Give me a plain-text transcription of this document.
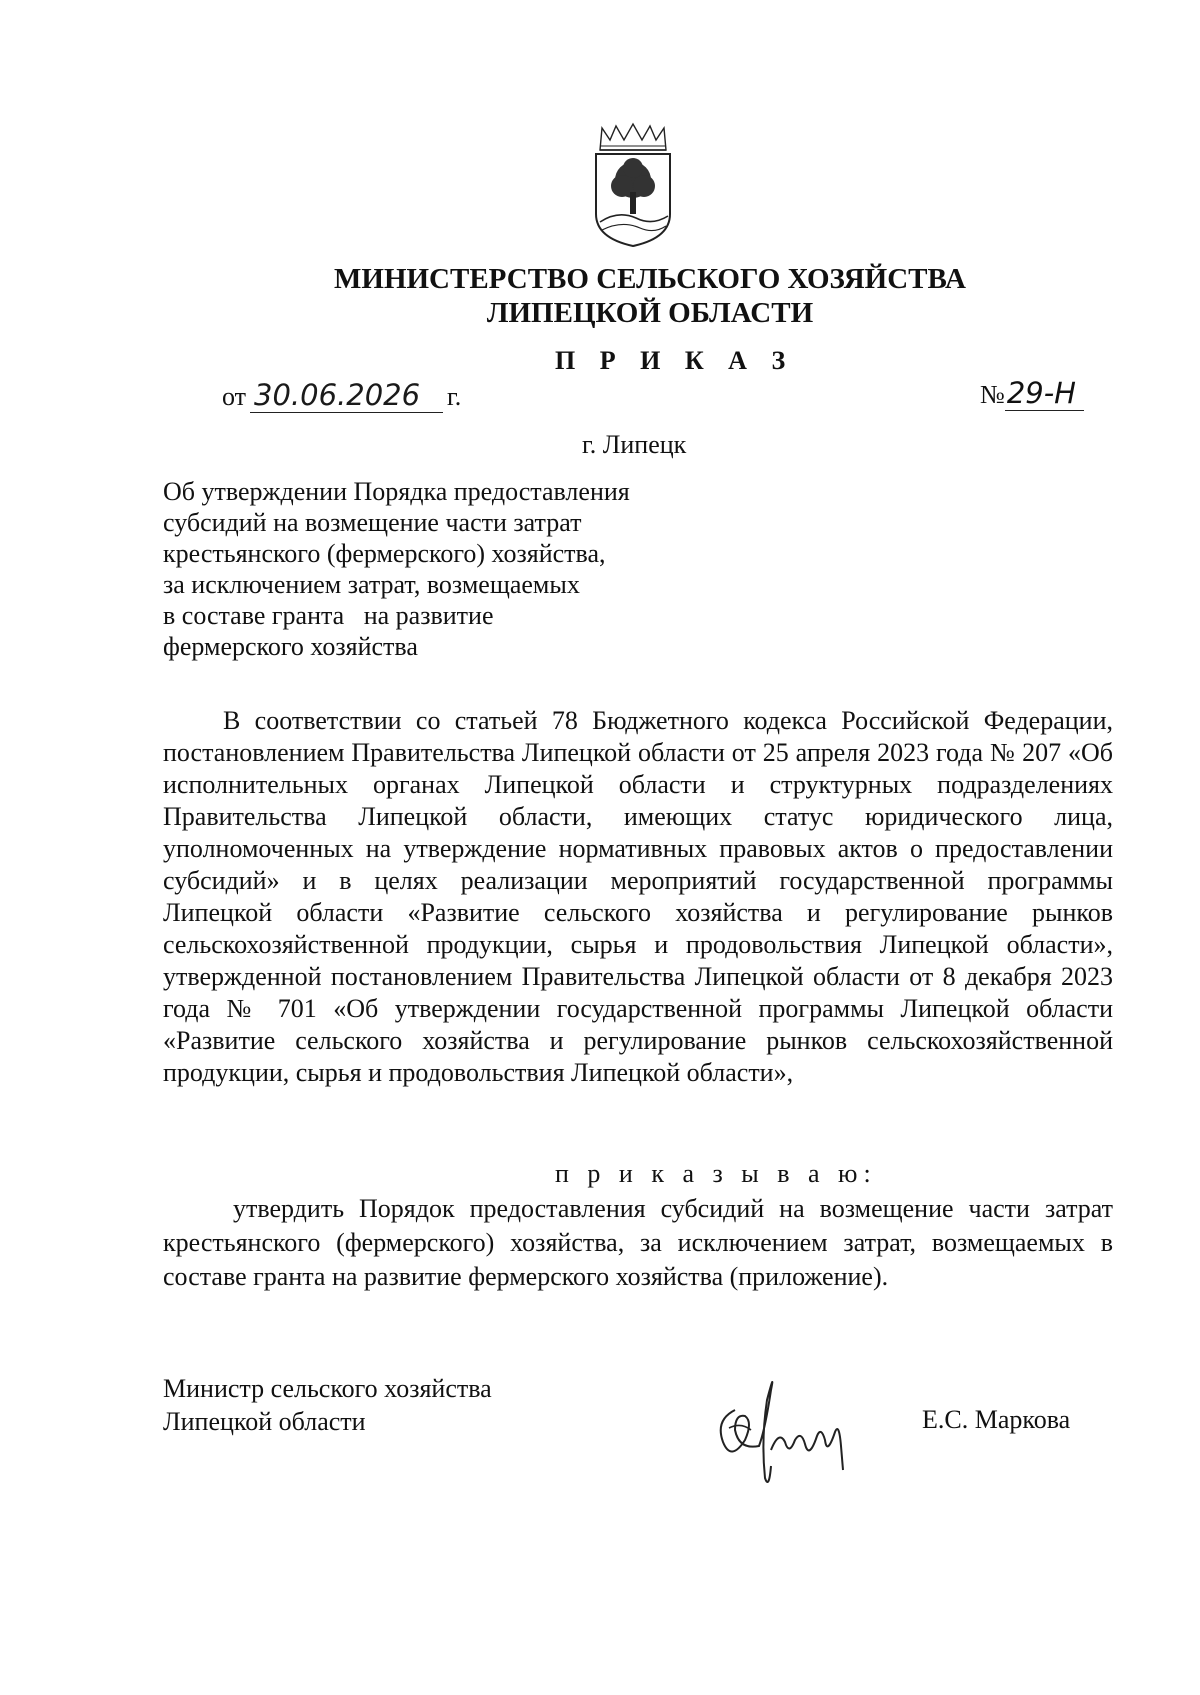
МИНИСТЕРСТВО СЕЛЬСКОГО ХОЗЯЙСТВА
ЛИПЕЦКОЙ ОБЛАСТИ
П Р И К А З
от 30.06.2026 г.	№29-Н
г. Липецк
Об утверждении Порядка предоставления
субсидий на возмещение части затрат
крестьянского (фермерского) хозяйства,
за исключением затрат, возмещаемых
в составе гранта   на развитие
фермерского хозяйства

В соответствии со статьей 78 Бюджетного кодекса Российской Федерации, постановлением Правительства Липецкой области от 25 апреля 2023 года № 207 «Об исполнительных органах Липецкой области и структурных подразделениях Правительства Липецкой области, имеющих статус юридического лица, уполномоченных на утверждение нормативных правовых актов о предоставлении субсидий» и в целях реализации мероприятий государственной программы Липецкой области «Развитие сельского хозяйства и регулирование рынков сельскохозяйственной продукции, сырья и продовольствия Липецкой области», утвержденной постановлением Правительства Липецкой области от 8 декабря 2023 года № 701 «Об утверждении государственной программы Липецкой области «Развитие сельского хозяйства и регулирование рынков сельскохозяйственной продукции, сырья и продовольствия Липецкой области»,

п р и к а з ы в а ю:

утвердить Порядок предоставления субсидий на возмещение части затрат крестьянского (фермерского) хозяйства, за исключением затрат, возмещаемых в составе гранта на развитие фермерского хозяйства (приложение).

Министр сельского хозяйства
Липецкой области	Е.С. Маркова
